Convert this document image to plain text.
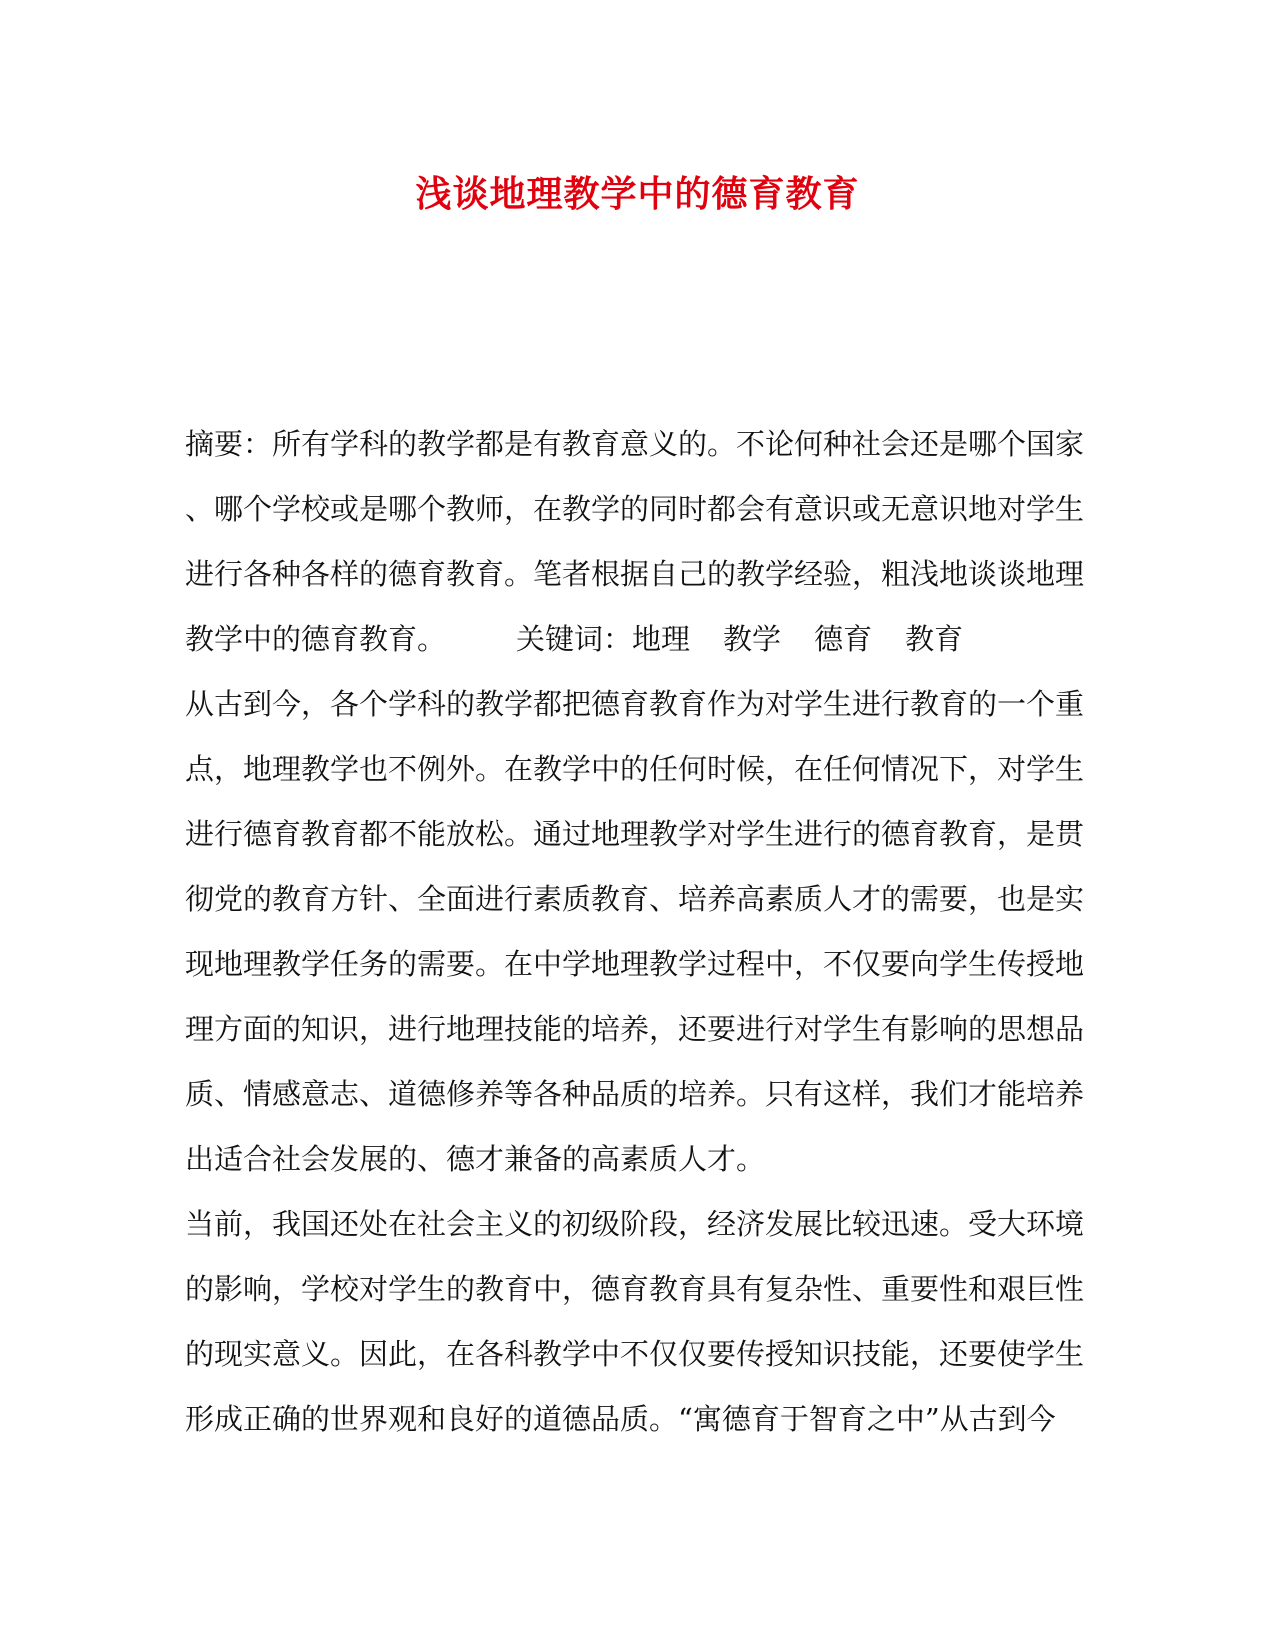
浅谈地理教学中的德育教育
摘要：所有学科的教学都是有教育意义的。不论何种社会还是哪个国家
、哪个学校或是哪个教师，在教学的同时都会有意识或无意识地对学生
进行各种各样的德育教育。笔者根据自己的教学经验，粗浅地谈谈地理
教学中的德育教育。 关键词：地理 教学 德育 教育
从古到今，各个学科的教学都把德育教育作为对学生进行教育的一个重
点，地理教学也不例外。在教学中的任何时候，在任何情况下，对学生
进行德育教育都不能放松。通过地理教学对学生进行的德育教育，是贯
彻党的教育方针、全面进行素质教育、培养高素质人才的需要，也是实
现地理教学任务的需要。在中学地理教学过程中，不仅要向学生传授地
理方面的知识，进行地理技能的培养，还要进行对学生有影响的思想品
质、情感意志、道德修养等各种品质的培养。只有这样，我们才能培养
出适合社会发展的、德才兼备的高素质人才。
当前，我国还处在社会主义的初级阶段，经济发展比较迅速。受大环境
的影响，学校对学生的教育中，德育教育具有复杂性、重要性和艰巨性
的现实意义。因此，在各科教学中不仅仅要传授知识技能，还要使学生
形成正确的世界观和良好的道德品质。“寓德育于智育之中”从古到今
